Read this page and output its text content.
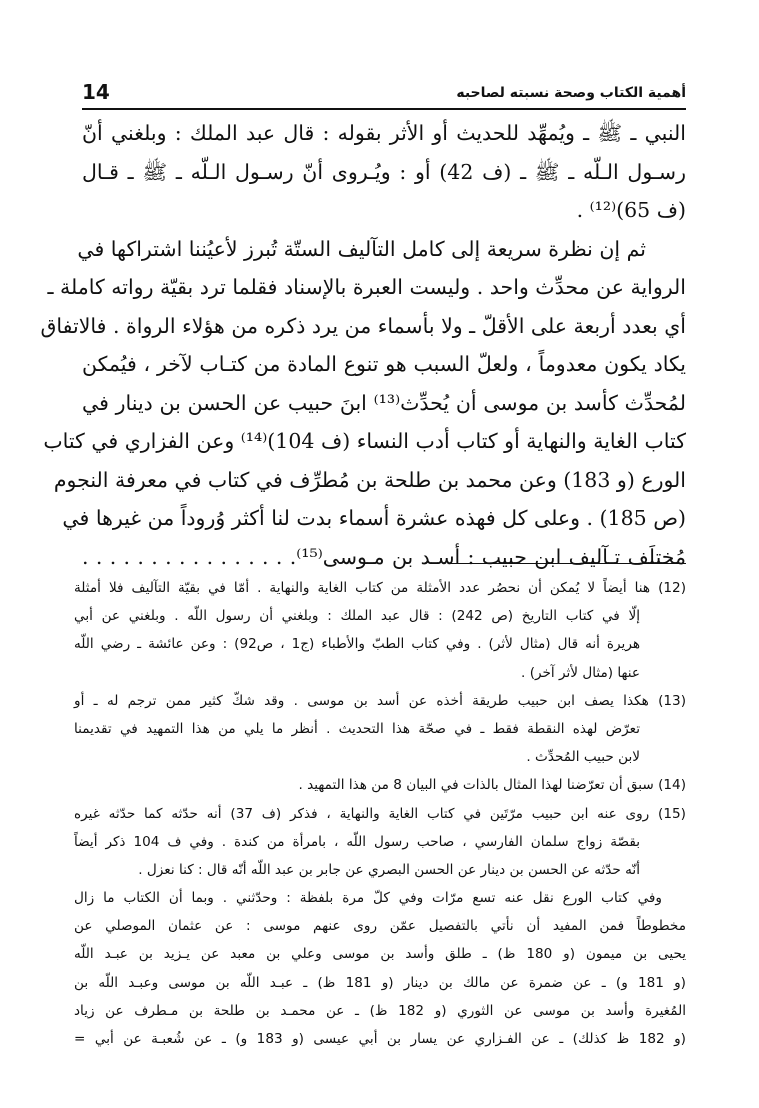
14	أهمية الكتاب وصحة نسبته لصاحبه
النبي ـ ﷺ ـ ويُمهِّد للحديث أو الأثر بقوله : قال عبد الملك : وبلغني أنّ
رسـول الـلّه ـ ﷺ ـ (ف 42) أو : ويُـروى أنّ رسـول الـلّه ـ ﷺ ـ قـال
(ف 65)⁽¹²⁾ .
ثم إن نظرة سريعة إلى كامل التآليف الستّة تُبرز لأعيُننا اشتراكها في
الرواية عن محدِّث واحد . وليست العبرة بالإسناد فقلما ترد بقيّة رواته كاملة ـ
أي بعدد أربعة على الأقلّ ـ ولا بأسماء من يرد ذكره من هؤلاء الرواة . فالاتفاق
يكاد يكون معدوماً ، ولعلّ السبب هو تنوع المادة من كتـاب لآخر ، فيُمكن
لمُحدِّث كأسد بن موسى أن يُحدِّث⁽¹³⁾ ابنَ حبيب عن الحسن بن دينار في
كتاب الغاية والنهاية أو كتاب أدب النساء (ف 104)⁽¹⁴⁾ وعن الفزاري في كتاب
الورع (و 183) وعن محمد بن طلحة بن مُطرِّف في كتاب في معرفة النجوم
(ص 185) . وعلى كل فهذه عشرة أسماء بدت لنا أكثر وُروداً من غيرها في
مُختلَف تـآليف ابن حبيب : أسـد بن مـوسى⁽¹⁵⁾. . . . . . . . . . . . . . . .
(12) هنا أيضاً لا يُمكن أن نحصُر عدد الأمثلة من كتاب الغاية والنهاية . أمّا في بقيّة التآليف فلا أمثلة
إلّا في كتاب التاريخ (ص 242) : قال عبد الملك : وبلغني أن رسول اللّه . وبلغني عن أبي
هريرة أنه قال (مثال لأثر) . وفي كتاب الطبّ والأطباء (ج1 ، ص92) : وعن عائشة ـ رضي اللّه
عنها (مثال لأثر آخر) .
(13) هكذا يصف ابن حبيب طريقة أخذه عن أسد بن موسى . وقد شكّ كثير ممن ترجم له ـ أو
تعرّض لهذه النقطة فقط ـ في صحّة هذا التحديث . أنظر ما يلي من هذا التمهيد في تقديمنا
لابن حبيب المُحدِّث .
(14) سبق أن تعرّضنا لهذا المثال بالذات في البيان 8 من هذا التمهيد .
(15) روى عنه ابن حبيب مرّتَين في كتاب الغاية والنهاية ، فذكر (ف 37) أنه حدّثه كما حدّثه غيره
بقصّة زواج سلمان الفارسي ، صاحب رسول اللّه ، بامرأة من كندة . وفي ف 104 ذكر أيضاً
أنّه حدّثه عن الحسن بن دينار عن الحسن البصري عن جابر بن عبد اللّه أنّه قال : كنا نعزل .
وفي كتاب الورع نقل عنه تسع مرّات وفي كلّ مرة بلفظة : وحدّثني . وبما أن الكتاب ما زال
مخطوطاً فمن المفيد أن نأتي بالتفصيل عمّن روى عنهم موسى : عن عثمان الموصلي عن
يحيى بن ميمون (و 180 ظ) ـ طلق وأسد بن موسى وعلي بن معبد عن يـزيد بن عبـد اللّه
(و 181 و) ـ عن ضمرة عن مالك بن دينار (و 181 ظ) ـ عبـد اللّه بن موسى وعبـد اللّه بن
المُغيرة وأسد بن موسى عن الثوري (و 182 ظ) ـ عن محمـد بن طلحة بن مـطرف عن زياد
(و 182 ظ كذلك) ـ عن الفـزاري عن يسار بن أبي عيسى (و 183 و) ـ عن شُعبـة عن أبي =
